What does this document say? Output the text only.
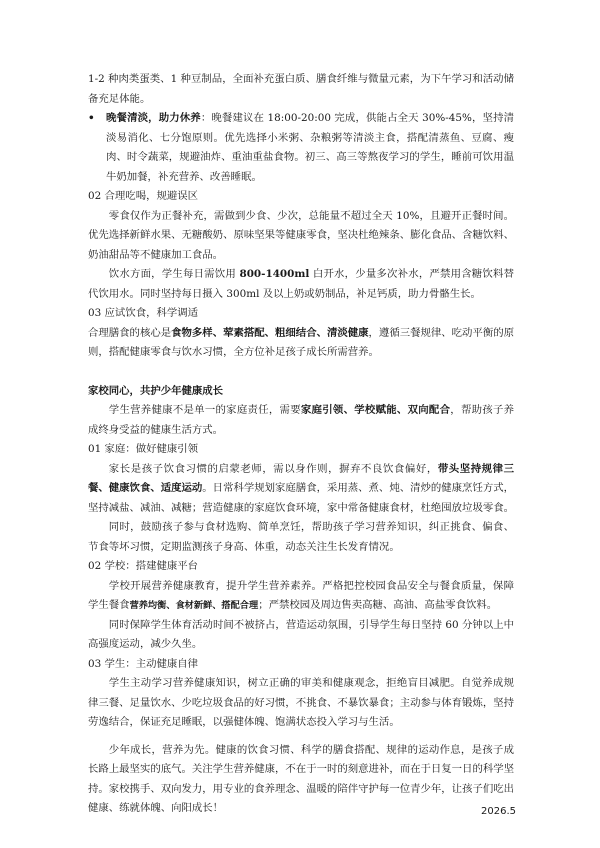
1-2 种肉类蛋类、1 种豆制品，全面补充蛋白质、膳食纤维与微量元素，为下午学习和活动储备充足体能。

• 晚餐清淡，助力休养：晚餐建议在 18:00-20:00 完成，供能占全天 30%-45%，坚持清淡易消化、七分饱原则。优先选择小米粥、杂粮粥等清淡主食，搭配清蒸鱼、豆腐、瘦肉、时令蔬菜，规避油炸、重油重盐食物。初三、高三等熬夜学习的学生，睡前可饮用温牛奶加餐，补充营养、改善睡眠。

02 合理吃喝，规避误区

零食仅作为正餐补充，需做到少食、少次，总能量不超过全天 10%，且避开正餐时间。优先选择新鲜水果、无糖酸奶、原味坚果等健康零食，坚决杜绝辣条、膨化食品、含糖饮料、奶油甜品等不健康加工食品。

饮水方面，学生每日需饮用 800-1400ml 白开水，少量多次补水，严禁用含糖饮料替代饮用水。同时坚持每日摄入 300ml 及以上奶或奶制品，补足钙质，助力骨骼生长。

03 应试饮食，科学调适

合理膳食的核心是食物多样、荤素搭配、粗细结合、清淡健康，遵循三餐规律、吃动平衡的原则，搭配健康零食与饮水习惯，全方位补足孩子成长所需营养。

家校同心，共护少年健康成长

学生营养健康不是单一的家庭责任，需要家庭引领、学校赋能、双向配合，帮助孩子养成终身受益的健康生活方式。

01 家庭：做好健康引领

家长是孩子饮食习惯的启蒙老师，需以身作则，摒弃不良饮食偏好，带头坚持规律三餐、健康饮食、适度运动。日常科学规划家庭膳食，采用蒸、煮、炖、清炒的健康烹饪方式，坚持减盐、减油、减糖；营造健康的家庭饮食环境，家中常备健康食材，杜绝囤放垃圾零食。

同时，鼓励孩子参与食材选购、简单烹饪，帮助孩子学习营养知识，纠正挑食、偏食、节食等坏习惯，定期监测孩子身高、体重，动态关注生长发育情况。

02 学校：搭建健康平台

学校开展营养健康教育，提升学生营养素养。严格把控校园食品安全与餐食质量，保障学生餐食营养均衡、食材新鲜、搭配合理；严禁校园及周边售卖高糖、高油、高盐零食饮料。

同时保障学生体育活动时间不被挤占，营造运动氛围，引导学生每日坚持 60 分钟以上中高强度运动，减少久坐。

03 学生：主动健康自律

学生主动学习营养健康知识，树立正确的审美和健康观念，拒绝盲目减肥。自觉养成规律三餐、足量饮水、少吃垃圾食品的好习惯，不挑食、不暴饮暴食；主动参与体育锻炼，坚持劳逸结合，保证充足睡眠，以强健体魄、饱满状态投入学习与生活。

少年成长，营养为先。健康的饮食习惯、科学的膳食搭配、规律的运动作息，是孩子成长路上最坚实的底气。关注学生营养健康，不在于一时的刻意进补，而在于日复一日的科学坚持。家校携手、双向发力，用专业的食养理念、温暖的陪伴守护每一位青少年，让孩子们吃出健康、练就体魄、向阳成长！	2026.5
